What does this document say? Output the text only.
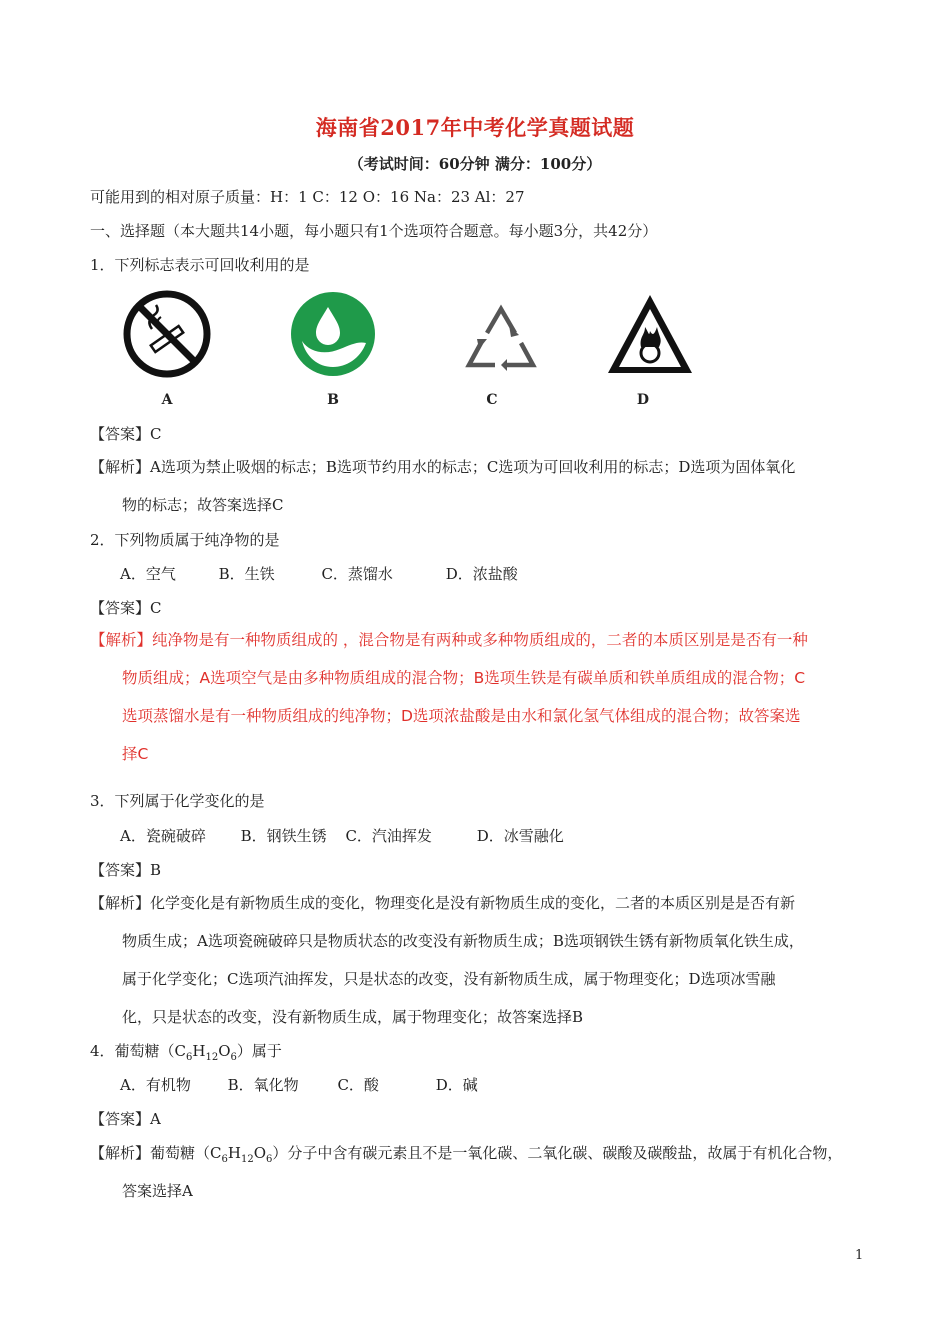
海南省2017年中考化学真题试题
（考试时间：60分钟 满分：100分）
可能用到的相对原子质量：H：1 C：12 O：16 Na：23 Al：27
一、选择题（本大题共14小题，每小题只有1个选项符合题意。每小题3分，共42分）
1．下列标志表示可回收利用的是
A	B	C	D
【答案】C
【解析】A选项为禁止吸烟的标志；B选项节约用水的标志；C选项为可回收利用的标志；D选项为固体氧化
物的标志；故答案选择C
2．下列物质属于纯净物的是
A．空气	B．生铁	C．蒸馏水	D．浓盐酸
【答案】C
【解析】纯净物是有一种物质组成的 ，混合物是有两种或多种物质组成的，二者的本质区别是是否有一种
物质组成；A选项空气是由多种物质组成的混合物；B选项生铁是有碳单质和铁单质组成的混合物；C
选项蒸馏水是有一种物质组成的纯净物；D选项浓盐酸是由水和氯化氢气体组成的混合物；故答案选
择C
3．下列属于化学变化的是
A．瓷碗破碎 B．钢铁生锈 C．汽油挥发	D．冰雪融化
【答案】B
【解析】化学变化是有新物质生成的变化，物理变化是没有新物质生成的变化，二者的本质区别是是否有新
物质生成；A选项瓷碗破碎只是物质状态的改变没有新物质生成；B选项钢铁生锈有新物质氧化铁生成，
属于化学变化；C选项汽油挥发，只是状态的改变，没有新物质生成，属于物理变化；D选项冰雪融
化，只是状态的改变，没有新物质生成，属于物理变化；故答案选择B
4．葡萄糖$(C_6H_{12}O_6)$属于
A．有机物 B．氧化物	C．酸	D．碱
【答案】A
【解析】葡萄糖$(C_6H_{12}O_6)$分子中含有碳元素且不是一氧化碳、二氧化碳、碳酸及碳酸盐，故属于有机化合物，
答案选择A
1
